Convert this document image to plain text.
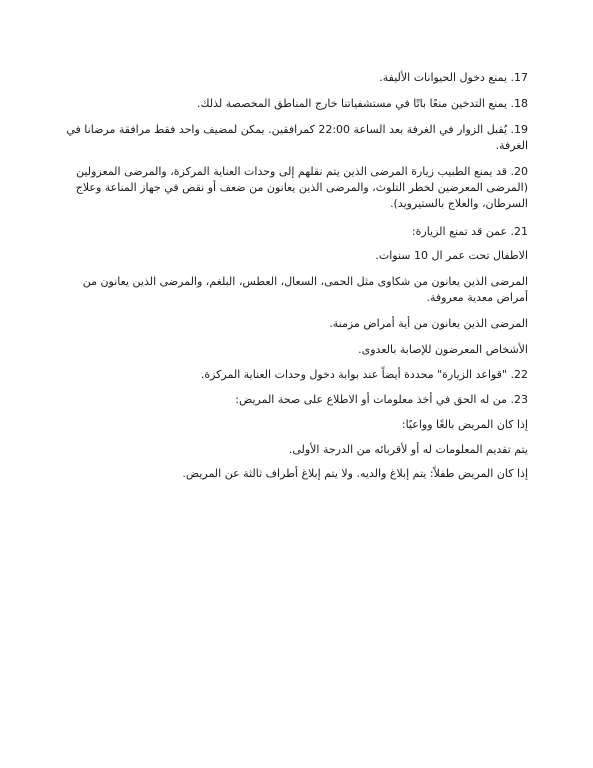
17. يمنع دخول الحيوانات الأليفة.

18. يمنع التدخين منعًا باتًا في مستشفياتنا خارج المناطق المخصصة لذلك.

19. يُقبل الزوار في الغرفة بعد الساعة 22:00 كمرافقين. يمكن لمضيف واحد فقط مرافقة مرضانا في الغرفة.

20. قد يمنع الطبيب زيارة المرضى الذين يتم نقلهم إلى وحدات العناية المركزة، والمرضى المعزولين (المرضى المعرضين لخطر التلوث، والمرضى الذين يعانون من ضعف أو نقص في جهاز المناعة وعلاج السرطان، والعلاج بالستيرويد).

21. عمن قد تمنع الزيارة:

الاطفال تحت عمر ال 10 سنوات.

المرضى الذين يعانون من شكاوى مثل الحمى، السعال، العطس، البلغم، والمرضى الذين يعانون من أمراض معدية معروفة.

المرضى الذين يعانون من أية أمراض مزمنة.

الأشخاص المعرضون للإصابة بالعدوى.

22. "قواعد الزيارة" محددة أيضاً عند بوابة دخول وحدات العناية المركزة.

23. من له الحق في أخذ معلومات أو الاطلاع على صحة المريض:

إذا كان المريض بالغًا وواعيًا:

يتم تقديم المعلومات له أو لأقربائه من الدرجة الأولى.

إذا كان المريض طفلاً: يتم إبلاغ والديه. ولا يتم إبلاغ أطراف ثالثة عن المريض.
